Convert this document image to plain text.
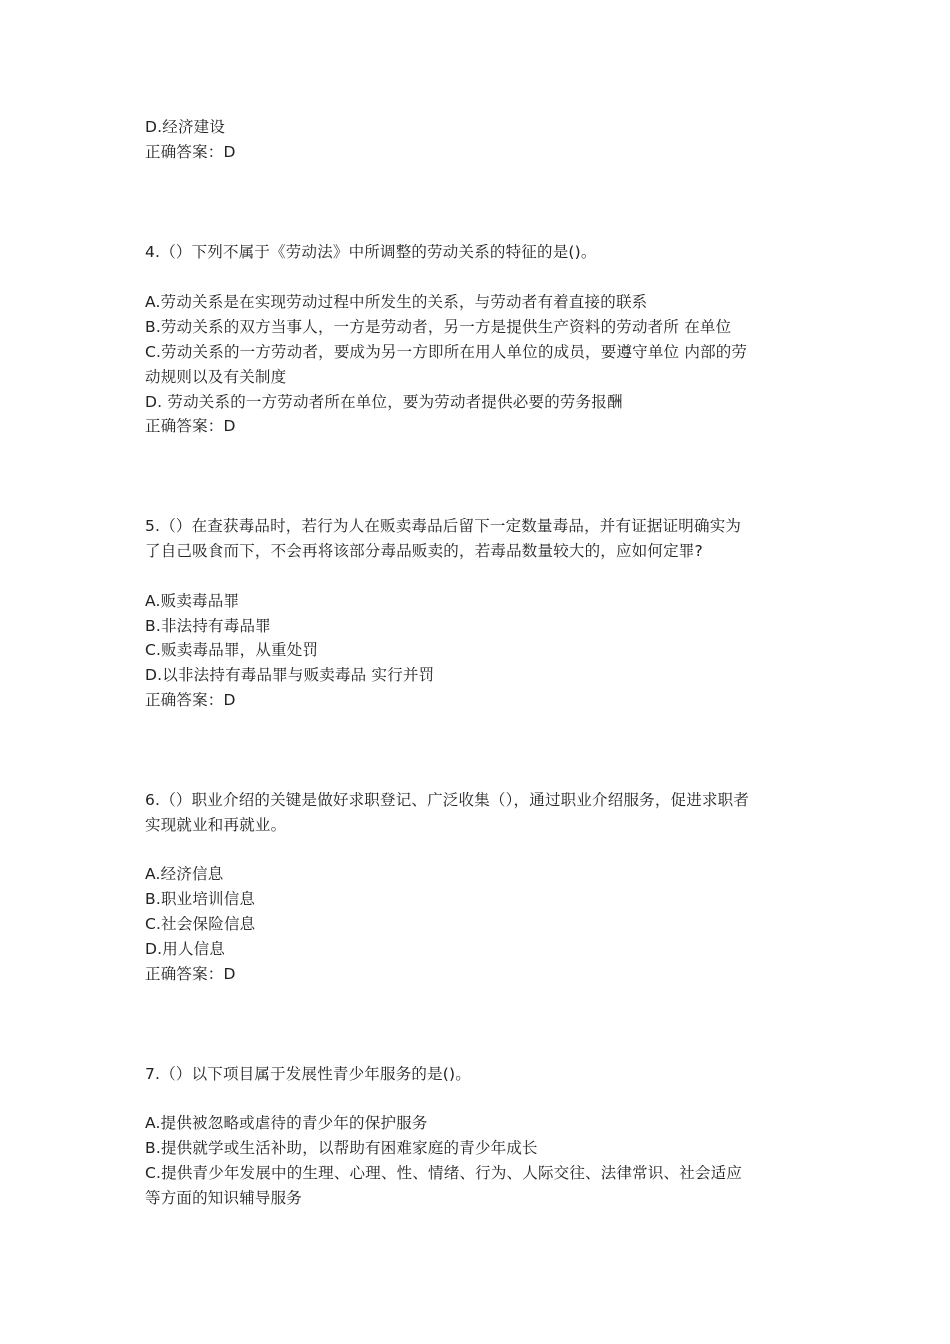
D.经济建设
正确答案：D
4.（）下列不属于《劳动法》中所调整的劳动关系的特征的是()。
A.劳动关系是在实现劳动过程中所发生的关系，与劳动者有着直接的联系
B.劳动关系的双方当事人，一方是劳动者，另一方是提供生产资料的劳动者所 在单位
C.劳动关系的一方劳动者，要成为另一方即所在用人单位的成员，要遵守单位 内部的劳
动规则以及有关制度
D. 劳动关系的一方劳动者所在单位，要为劳动者提供必要的劳务报酬
正确答案：D
5.（）在查获毒品时，若行为人在贩卖毒品后留下一定数量毒品，并有证据证明确实为
了自己吸食而下，不会再将该部分毒品贩卖的，若毒品数量较大的，应如何定罪?
A.贩卖毒品罪
B.非法持有毒品罪
C.贩卖毒品罪，从重处罚
D.以非法持有毒品罪与贩卖毒品 实行并罚
正确答案：D
6.（）职业介绍的关键是做好求职登记、广泛收集（），通过职业介绍服务，促进求职者
实现就业和再就业。
A.经济信息
B.职业培训信息
C.社会保险信息
D.用人信息
正确答案：D
7.（）以下项目属于发展性青少年服务的是()。
A.提供被忽略或虐待的青少年的保护服务
B.提供就学或生活补助，以帮助有困难家庭的青少年成长
C.提供青少年发展中的生理、心理、性、情绪、行为、人际交往、法律常识、社会适应
等方面的知识辅导服务
